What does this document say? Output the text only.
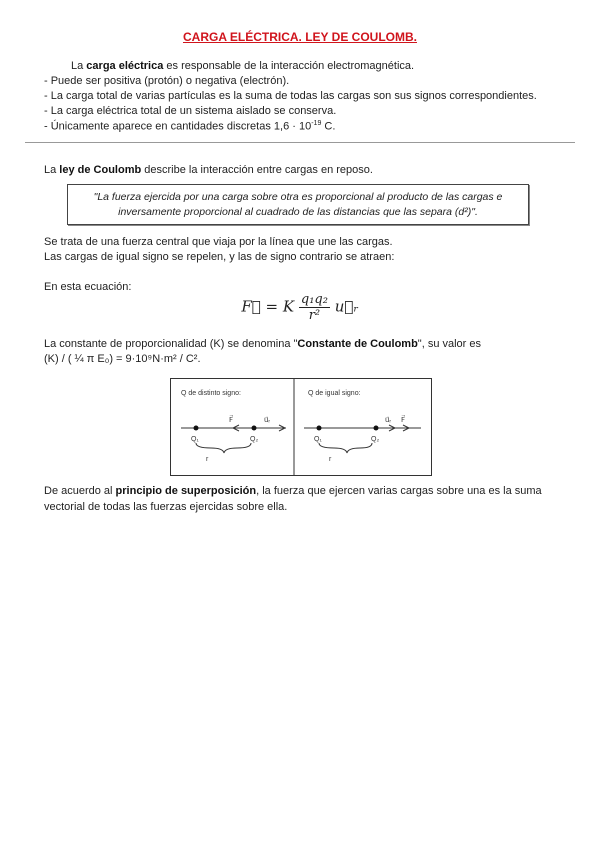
CARGA ELÉCTRICA. LEY DE COULOMB.
La carga eléctrica es responsable de la interacción electromagnética.
- Puede ser positiva (protón) o negativa (electrón).
- La carga total de varias partículas es la suma de todas las cargas son sus signos correspondientes.
- La carga eléctrica total de un sistema aislado se conserva.
- Únicamente aparece en cantidades discretas $1,6 \cdot 10^{-19}$ C.
La ley de Coulomb describe la interacción entre cargas en reposo.
"La fuerza ejercida por una carga sobre otra es proporcional al producto de las cargas e
inversamente proporcional al cuadrado de las distancias que las separa (d²)".
Se trata de una fuerza central que viaja por la línea que une las cargas.
Las cargas de igual signo se repelen, y las de signo contrario se atraen:
En esta ecuación:
F⃗ = K $\frac{\text{q₁q₂}}{\text{r²}}$ u⃗ᵣ
La constante de proporcionalidad (K) se denomina "Constante de Coulomb", su valor es
(K) / ( ¼ π E₀) = 9·10⁹N·m² / C².
Q de distinto signo:
F⃗	u⃗ᵣ
Q₁	Q₂
r
Q de igual signo:
u⃗ᵣ F⃗
Q₁	Q₂
r
De acuerdo al principio de superposición, la fuerza que ejercen varias cargas sobre una es la suma
vectorial de todas las fuerzas ejercidas sobre ella.
